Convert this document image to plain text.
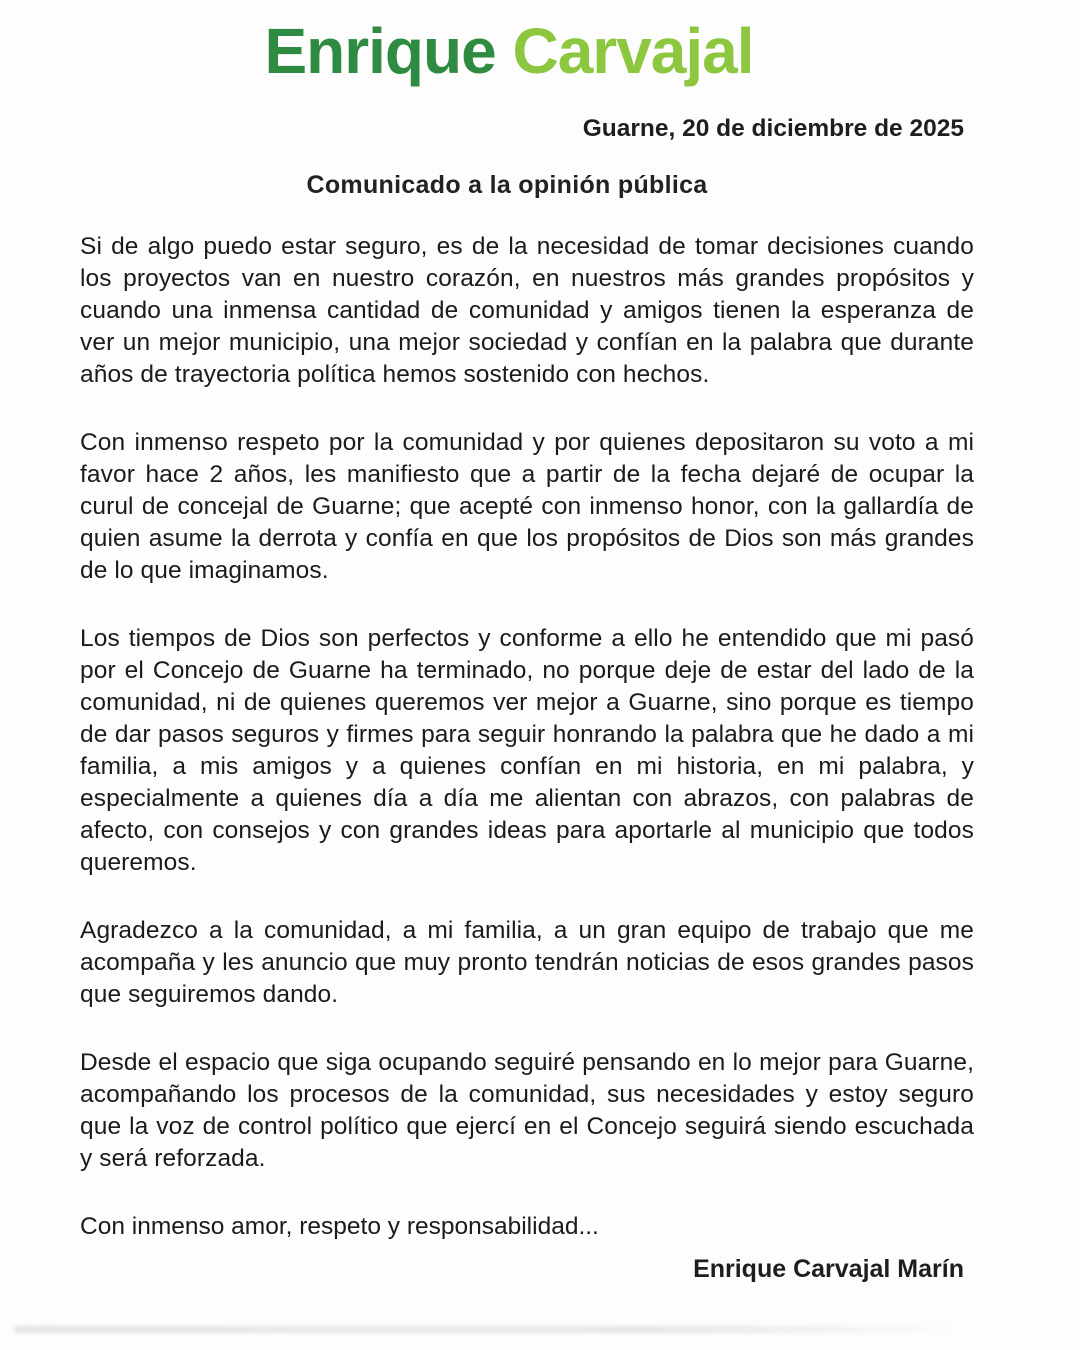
Enrique Carvajal
Guarne, 20 de diciembre de 2025
Comunicado a la opinión pública

Si de algo puedo estar seguro, es de la necesidad de tomar decisiones cuando los proyectos van en nuestro corazón, en nuestros más grandes propósitos y cuando una inmensa cantidad de comunidad y amigos tienen la esperanza de ver un mejor municipio, una mejor sociedad y confían en la palabra que durante años de trayectoria política hemos sostenido con hechos.

Con inmenso respeto por la comunidad y por quienes depositaron su voto a mi favor hace 2 años, les manifiesto que a partir de la fecha dejaré de ocupar la curul de concejal de Guarne; que acepté con inmenso honor, con la gallardía de quien asume la derrota y confía en que los propósitos de Dios son más grandes de lo que imaginamos.

Los tiempos de Dios son perfectos y conforme a ello he entendido que mi pasó por el Concejo de Guarne ha terminado, no porque deje de estar del lado de la comunidad, ni de quienes queremos ver mejor a Guarne, sino porque es tiempo de dar pasos seguros y firmes para seguir honrando la palabra que he dado a mi familia, a mis amigos y a quienes confían en mi historia, en mi palabra, y especialmente a quienes día a día me alientan con abrazos, con palabras de afecto, con consejos y con grandes ideas para aportarle al municipio que todos queremos.

Agradezco a la comunidad, a mi familia, a un gran equipo de trabajo que me acompaña y les anuncio que muy pronto tendrán noticias de esos grandes pasos que seguiremos dando.

Desde el espacio que siga ocupando seguiré pensando en lo mejor para Guarne, acompañando los procesos de la comunidad, sus necesidades y estoy seguro que la voz de control político que ejercí en el Concejo seguirá siendo escuchada y será reforzada.

Con inmenso amor, respeto y responsabilidad...

Enrique Carvajal Marín
